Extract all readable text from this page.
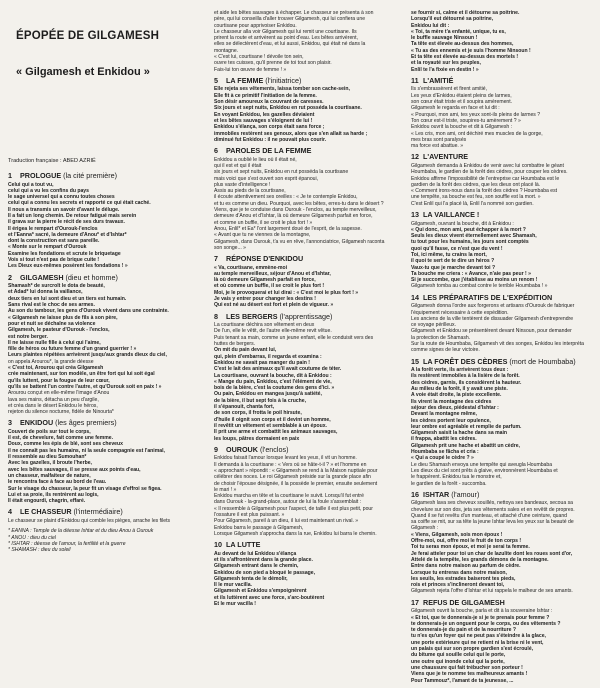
ÉPOPÉE DE GILGAMESH
« Gilgamesh et Enkidou »
Traduction française : ABED AZRIÉ
1 PROLOGUE (la cité première)
Celui qui a tout vu,
celui qui a vu les confins du pays
le sage universel qui a connu toutes choses
celui qui a connu les secrets et rapporté ce qui était caché.
Il nous a transmis un savoir d'avant le déluge.
Il a fait un long chemin. De retour fatigué mais serein
il grava sur la pierre le récit de ses durs travaux.
Il érigea le rempart d'Ourouk-l'enclos
et l'Eanna* sacré, la demeure d'Anou* et d'Ishtar*
dont la construction est sans pareille.
« Monte sur le rempart d'Ourouk
Examine les fondations et scrute le briquetage
Vois si tout n'est pas de brique cuite !
Les Dieux eux-mêmes posèrent les fondations ! »
2 GILGAMESH (dieu et homme)
Shamash* de surcroît le dota de beauté,
et Adad* lui donna la vaillance,
deux tiers en lui sont dieu et un tiers est humain.
Sans rival est le choc de ses armes.
Au son du tambour, les gens d'Ourouk vivent dans une contrainte.
« Gilgamesh ne laisse plus de fils à son père,
pour et nuit se déchaîne sa violence
Gilgamesh, le pasteur d'Ourouk - l'enclos,
est notre berger.
Il ne laisse nulle fille à celui qui l'aime,
fille de héros ou future femme d'un grand guerrier ! »
Leurs plaintes répétées arrivèrent jusqu'aux grands dieux du ciel,
on appela Arourou*, la grande déesse
« C'est toi, Arourou qui créa Gilgamesh
crée maintenant, sur ton modèle, un être fort qui lui soit égal
qu'ils luttent, pour la fougue de leur cœur,
qu'ils se battent l'un contre l'autre, et qu'Ourouk soit en paix ! »
Arourou conçut en elle-même l'image d'Anou
lava ses mains, détacha un peu d'argile,
et créa dans le désert Enkidou le héros,
rejeton du silence nocturne, fidèle de Ninourta*
3 ENKIDOU (les âges premiers)
Couvert de poils sur tout le corps,
il est, de chevelure, fait comme une femme.
Doux, comme les épis de blé, sont ses cheveux
il ne connaît pas les humains, ni la seule compagnie est l'animal,
il ressemble au dieu Sumouhan*
Avec les gazelles, il broute l'herbe,
avec les bêtes sauvages, il se presse aux points d'eau,
un chasseur, malfaiteur de nature,
le rencontra face à face au bord de l'eau.
Sur le visage du chasseur, la peur fit un visage d'effroi se figea.
Lui et sa proie, ils rentrèrent au logis,
Il était engourdi, chagrin, effaré.
4 LE CHASSEUR (l'intermédiaire)
Le chasseur se plaint d'Enkidou qui comble les pièges, arrache les filets
* EANNA : Temple de la déesse Ishtar et du dieu Anou à Ourouk
* ANOU : dieu du ciel
* ISHTAR : déesse de l'amour, la fertilité et la guerre
* SHAMASH : dieu du soleil
et aide les bêtes sauvages à échapper. Le chasseur se présenta à son
père, qui lui conseilla d'aller trouver Gilgamesh, qui lui confiera une
courtisane pour apprivoiser Enkidou.
Le chasseur alla voir Gilgamesh qui lui remit une courtisane. Ils
prirent la route et arrivèrent au point d'eau. Les bêtes arrivèrent,
elles se délectèrent d'eau, et lui aussi, Enkidou, qui était né dans la
montagne.
« C'est lui, courtisane ! dévoile ton sein,
ouvre tes cuisses, qu'il prenne de toi tout son plaisir.
Fais-lui ton œuvre de femme ! »
5 LA FEMME (l'initiatrice)
Elle rejeta ses vêtements, laissa tomber son cache-sein,
Elle fit à ce primitif l'initiation de la femme.
Son désir amoureux la couvrant de caresses.
Six jours et sept nuits, Enkidou en rut posséda la courtisane.
En voyant Enkidou, les gazelles déviaient
et les bêtes sauvages s'éloignent de lui !
Enkidou s'élança, son corps était sans force ;
immobiles restèrent ses genoux, alors que s'en allait sa harde ;
diminué fut Enkidou : il ne pouvait plus courir.
6 PAROLES DE LA FEMME
Enkidou a oublié le lieu où il était né,
qui il est et qui il était
six jours et sept nuits, Enkidou en rut posséda la courtisane
mais voici que s'est ouvert son esprit épanoui,
plus vaste d'intelligence !
Assis au pieds de la courtisane,
il écoute attentivement ses oreilles : « Je te contemple Enkidou,
et tu es comme un dieu. Pourquoi, avec les bêtes, erres-tu dans le désert ?
Viens, que je te conduise dans Ourouk - l'enclos, au temple merveilleux,
demeure d'Anou et d'Ishtar, là où demeure Gilgamesh parfait en force,
et comme un buffle, il se croit le plus fort ! »
Anou, Enlil* et Ea* l'ont largement doué de l'esprit, de la sagesse.
« Avant que tu ne viennes de la montagne,
Gilgamesh, dans Ourouk, t'a vu en rêve, l'annonciatrice, Gilgamesh raconta
son songe... »
7 RÉPONSE D'ENKIDOU
« Va, courtisane, emmène-moi
au temple merveilleux, séjour d'Anou et d'Ishtar,
là où demeure Gilgamesh parfait en force,
et où comme un buffle, il se croit le plus fort !
Moi, je le provoquerai et lui dirai : « C'est moi le plus fort ! »
Je vais y entrer pour changer les destins !
Qui est né au désert est fort et plein de vigueur. »
8 LES BERGERS (l'apprentissage)
La courtisane déchira son vêtement en deux
De l'un, elle le vêtit, de l'autre elle-même revit vêtue.
Puis tenant sa main, comme un jeune enfant, elle le conduisit vers des
huttes de bergers.
On mit du pain devant lui,
qui, plein d'embarras, il regarda et examina :
Enkidou ne savait pas manger du pain !
C'est le lait des animaux qu'il avait coutume de téter.
La courtisane, ouvrant la bouche, dit à Enkidou :
« Mange du pain, Enkidou, c'est l'élément de vie,
bois de la bière, c'est la coutume des gens d'ici. »
Ou pain, Enkidou en mangea jusqu'à satiété,
de la bière, il but sept fois à la cruche,
il s'épanouit, chanta fort,
de son corps, il frotta le poil hirsute,
d'huile il oignit son corps et il devint un homme,
il revêtit un vêtement et semblable à un époux.
Il prit une arme et combattit les animaux sauvages,
les loups, pâtres dormaient en paix
9 OUROUK (l'enclos)
Enkidou faisait l'amour lorsque levant les yeux, il vit un homme.
Il demanda à la courtisane : « Vers où se hâte-t-il ? » et l'homme en
« approchant » répondit : « Gilgamesh se rend à la Maison nuptiale pour
célébrer des noces. Le roi Gilgamesh préside sur la grande place afin
de choisir l'épouse désignée, il la possède le premier, ensuite seulement
le mari ! »
Enkidou marcha en tête et la courtisane le suivit. Lorsqu'il fut entré
dans Ourouk - la-grand-place, autour de lui la foule s'assemblait :
« Il ressemble à Gilgamesh pour l'aspect, de taille il est plus petit, pour
l'ossature il est plus puissant. »
Pour Gilgamesh, pareil à un dieu, il lui est maintenant un rival. »
Enkidou barra le passage à Gilgamesh,
Lorsque Gilgamesh s'approcha dans la rue, Enkidou lui barra le chemin.
10 LA LUTTE
Au devant de lui Enkidou s'élança
et ils s'affrontèrent dans la grande place.
Gilgamesh entrant dans le chemin,
Enkidou de son pied a bloqué le passage,
Gilgamesh tenta de le démolir,
Il le mur vacilla.
Gilgamesh et Enkidou s'empoignèrent
et ils luttèrent avec une force, s'arc-boutèrent
Et le mur vacilla !
se fournir si, calme et il détourne sa poitrine.
Lorsqu'il eut détourné sa poitrine,
Enkidou lui dit :
« Toi, ta mère t'a enfanté, unique, tu es,
le buffle sauvage Ninsoun !
Ta tête est élevée au-dessus des hommes,
« Tu as des ennemis et je suis l'homme Ninsoun !
Et ta tête est élevée au-dessus des mortels !
et la royauté sur les peuples,
Enlil te l'a fixée en destin ! »
11 L'AMITIÉ
Ils s'embrassèrent et firent amitié,
Les yeux d'Enkidou étaient pleins de larmes,
son cœur était triste et il soupira amèrement.
Gilgamesh le regarda en face et lui dit :
« Pourquoi, mon ami, tes yeux sont-ils pleins de larmes ?
Ton cœur est-il triste, soupires-tu amèrement ? »
Enkidou ouvrit la bouche et dit à Gilgamesh :
« Les cris, mon ami, ont déchiré mes muscles de la gorge,
mes bras sont paralysés
ma force est abattue. »
12 L'AVENTURE
Gilgamesh demanda à Enkidou de venir avec lui combattre le géant
Houmbaba, le gardien de la forêt des cèdres, pour couper les cèdres.
Enkidou affirme l'impossibilité de l'entreprise car Houmbaba est le
gardien de la forêt des cèdres, que les dieux ont placé là.
« Comment irons-nous dans la forêt des cèdres ? Houmbaba est
une tempête, sa bouche est feu, son souffle est la mort. »
C'est Enlil qui l'a placé là, Enlil l'a nommé son gardien.
13 LA VAILLANCE !
Gilgamesh, ouvrant la bouche, dit à Enkidou :
« Qui donc, mon ami, peut échapper à la mort ?
Seuls les dieux vivent éternellement avec Shamash,
tu tout pour les humains, les jours sont comptés
quoi qu'il fasse, ce n'est que du vent !
Toi, ici même, tu crains la mort,
il quoi te sert de te dire un héros ?
Vaux-tu que je marche devant toi ?
Ta bouche me criera : « Avance, n'aie pas peur ! »
Si je succombe, que j'établisse au moins un renom !
Gilgamesh tomba au combat contre le terrible Houmbaba ! »
14 LES PRÉPARATIFS DE L'EXPÉDITION
Gilgamesh donna l'ordre aux forgerons et artisans d'Ourouk de fabriquer
l'équipement nécessaire à cette expédition.
Les anciens de la ville tentèrent de dissuader Gilgamesh d'entreprendre
ce voyage périlleux.
Gilgamesh et Enkidou se présentèrent devant Ninsoun, pour demander
la protection de Shamash.
Sur la route de Houmbaba, Gilgamesh vit des songes, Enkidou les interpréta
comme signes de leur victoire.
15 LA FORÊT DES CÈDRES (mort de Houmbaba)
A la forêt verte, ils arrivèrent tous deux :
ils restèrent immobiles à la lisière de la forêt.
des cèdres, garnis, ils considèrent la hauteur.
Au milieu de la forêt, il y avait une piste.
A voie était droite, la piste excellente.
Ils virent la montagne des cèdres
séjour des dieux, piédestal d'Ishtar :
Devant la montagne même,
les cèdres portent leur opulence,
leur ombre est agréable et remplie de parfum.
Gilgamesh saisit la hache dans sa main
il frappa, abattit les cèdres.
Gilgamesh prit une hache et abattit un cèdre,
Houmbaba se fâcha et cria :
« Qui a coupé le cèdre ? »
Le dieu Shamash envoya une tempête qui aveugla Houmbaba
Les dieux du ciel sont prêts à glaive, environnèrent Houmbaba et
le frappèrent. Enkidou tua le monstre et,
le gardien de la forêt - succomba.
16 ISHTAR (l'amour)
Gilgamesh lava ses cheveux souillés, nettoya ses bandeaux, secoua sa
chevelure sur son dos, jeta ses vêtements sales et en revêtit de propres.
Quand il se fut revêtu d'un manteau, et attaché d'une ceinture, quand
sa coiffe se mit, sur sa tête la jeune Ishtar leva les yeux sur la beauté de
Gilgamesh :
« Viens, Gilgamesh, sois mon époux !
Offre-moi, oui, offre moi le fruit de ton corps !
Toi tu seras mon époux, et moi je serai ta femme.
Je ferai atteler pour toi un char de lazulite dont les roues sont d'or,
Attelé de la tempête, les grands démons de la montagne.
Entre dans notre maison au parfum de cèdre.
Lorsque tu entreras dans notre maison,
les seuils, les estrades baiseront tes pieds,
rois et princes s'inclineront devant toi,
Gilgamesh rejeta l'offre d'Ishtar et lui rappela le malheur de ses amants.
17 REFUS DE GILGAMESH
Gilgamesh ouvrit la bouche, parla et dit à la souveraine Ishtar :
« Et toi, que te donnerais-je si je te prenais pour femme ?
te donnerais-je un onguent pour le corps, ou des vêtements ?
te donnerais-je du pain et de la nourriture ?
tu n'es qu'un foyer qui ne peut pas s'éteindre à la glace,
une porte extérieure qui ne retient ni la brise ni le vent,
un palais qui sur son propre gardien s'est écroulé,
du bitume qui souille celui qui le porte,
une outre qui inonde celui qui la porte,
une chaussure qui fait trébucher son porteur !
Viens que je te nomme tes malheureux amants !
Pour Tammouz*, l'amant de ta jeunesse, ...
